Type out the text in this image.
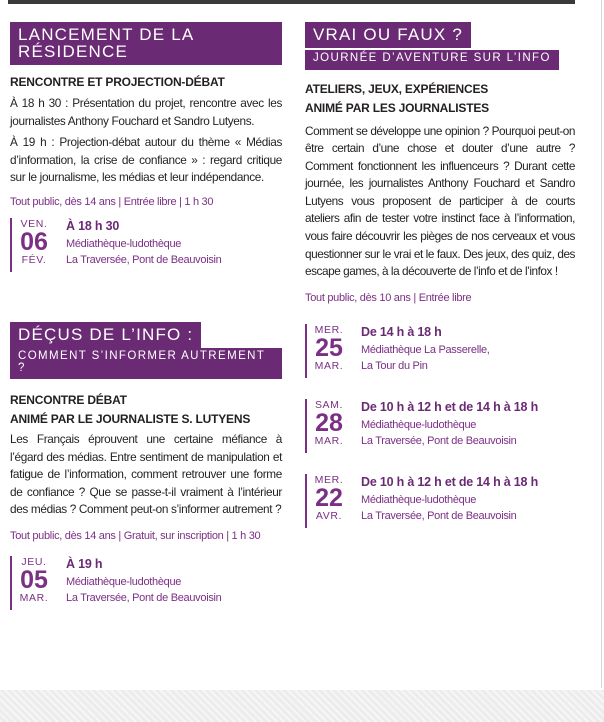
LANCEMENT DE LA RÉSIDENCE

RENCONTRE ET PROJECTION-DÉBAT

À 18 h 30 : Présentation du projet, rencontre avec les journalistes Anthony Fouchard et Sandro Lutyens.

À 19 h : Projection-débat autour du thème « Médias d’information, la crise de confiance » : regard critique sur le journalisme, les médias et leur indépendance.

Tout public, dès 14 ans | Entrée libre | 1 h 30

VEN.
06
FÉV.
À 18 h 30
Médiathèque-ludothèque
La Traversée, Pont de Beauvoisin
DÉÇUS DE L’INFO :
COMMENT S’INFORMER AUTREMENT ?

RENCONTRE DÉBAT

ANIMÉ PAR LE JOURNALISTE S. LUTYENS

Les Français éprouvent une certaine méfiance à l’égard des médias. Entre sentiment de manipulation et fatigue de l’information, comment retrouver une forme de confiance ? Que se passe-t-il vraiment à l’intérieur des médias ? Comment peut-on s’informer autrement ?

Tout public, dès 14 ans | Gratuit, sur inscription | 1 h 30

JEU.
05
MAR.
À 19 h
Médiathèque-ludothèque
La Traversée, Pont de Beauvoisin
VRAI OU FAUX ?
JOURNÉE D’AVENTURE SUR L’INFO

ATELIERS, JEUX, EXPÉRIENCES

ANIMÉ PAR LES JOURNALISTES

Comment se développe une opinion ? Pourquoi peut-on être certain d’une chose et douter d’une autre ? Comment fonctionnent les influenceurs ? Durant cette journée, les journalistes Anthony Fouchard et Sandro Lutyens vous proposent de participer à de courts ateliers afin de tester votre instinct face à l’information, vous faire découvrir les pièges de nos cerveaux et vous questionner sur le vrai et le faux. Des jeux, des quiz, des escape games, à la découverte de l’info et de l’infox !

Tout public, dès 10 ans | Entrée libre

MER.
25
MAR.
De 14 h à 18 h
Médiathèque La Passerelle,
La Tour du Pin
SAM.
28
MAR.
De 10 h à 12 h et de 14 h à 18 h
Médiathèque-ludothèque
La Traversée, Pont de Beauvoisin
MER.
22
AVR.
De 10 h à 12 h et de 14 h à 18 h
Médiathèque-ludothèque
La Traversée, Pont de Beauvoisin
